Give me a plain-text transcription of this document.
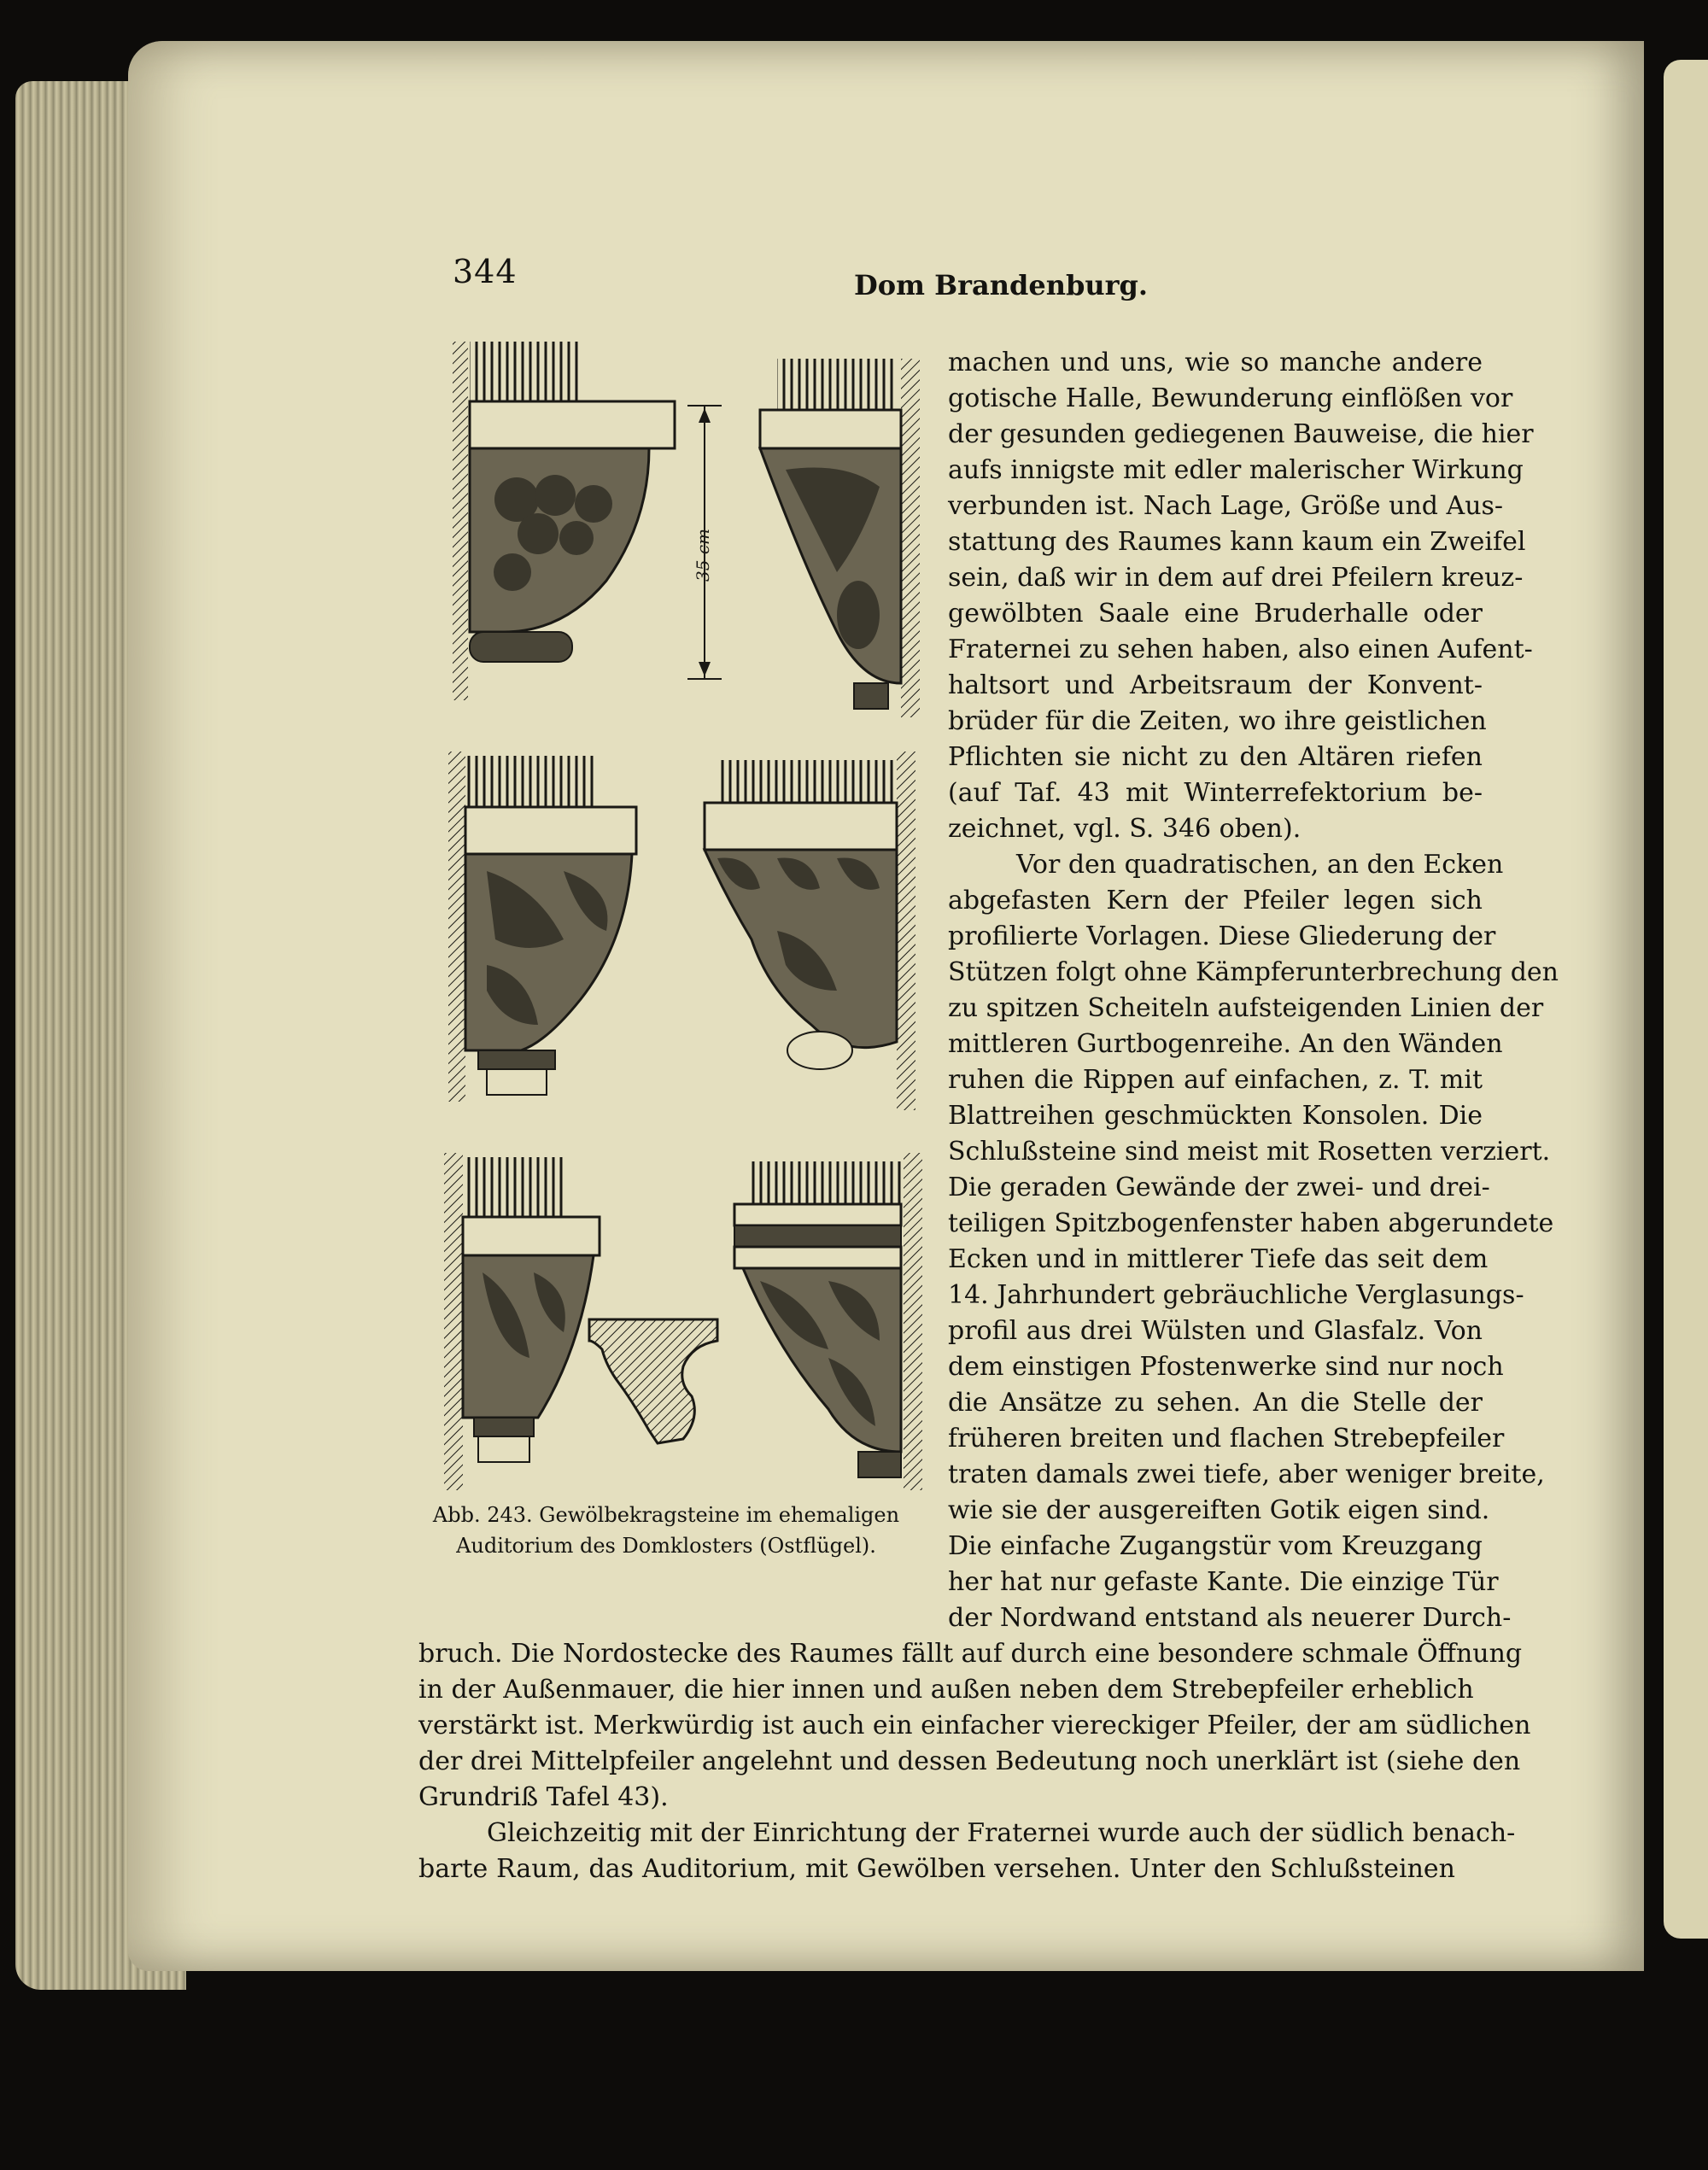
344	Dom Brandenburg.
35 cm
Abb. 243. Gewölbekragsteine im ehemaligen
Auditorium des Domklosters (Ostflügel).
machen und uns, wie so manche andere
gotische Halle, Bewunderung einflößen vor
der gesunden gediegenen Bauweise, die hier
aufs innigste mit edler malerischer Wirkung
verbunden ist. Nach Lage, Größe und Aus-
stattung des Raumes kann kaum ein Zweifel
sein, daß wir in dem auf drei Pfeilern kreuz-
gewölbten Saale eine Bruderhalle oder
Fraternei zu sehen haben, also einen Aufent-
haltsort und Arbeitsraum der Konvent-
brüder für die Zeiten, wo ihre geistlichen
Pflichten sie nicht zu den Altären riefen
(auf Taf. 43 mit Winterrefektorium be-
zeichnet, vgl. S. 346 oben).
Vor den quadratischen, an den Ecken
abgefasten Kern der Pfeiler legen sich
profilierte Vorlagen. Diese Gliederung der
Stützen folgt ohne Kämpferunterbrechung den
zu spitzen Scheiteln aufsteigenden Linien der
mittleren Gurtbogenreihe. An den Wänden
ruhen die Rippen auf einfachen, z. T. mit
Blattreihen geschmückten Konsolen. Die
Schlußsteine sind meist mit Rosetten verziert.
Die geraden Gewände der zwei- und drei-
teiligen Spitzbogenfenster haben abgerundete
Ecken und in mittlerer Tiefe das seit dem
14. Jahrhundert gebräuchliche Verglasungs-
profil aus drei Wülsten und Glasfalz. Von
dem einstigen Pfostenwerke sind nur noch
die Ansätze zu sehen. An die Stelle der
früheren breiten und flachen Strebepfeiler
traten damals zwei tiefe, aber weniger breite,
wie sie der ausgereiften Gotik eigen sind.
Die einfache Zugangstür vom Kreuzgang
her hat nur gefaste Kante. Die einzige Tür
der Nordwand entstand als neuerer Durch-
bruch. Die Nordostecke des Raumes fällt auf durch eine besondere schmale Öffnung
in der Außenmauer, die hier innen und außen neben dem Strebepfeiler erheblich
verstärkt ist. Merkwürdig ist auch ein einfacher viereckiger Pfeiler, der am südlichen
der drei Mittelpfeiler angelehnt und dessen Bedeutung noch unerklärt ist (siehe den
Grundriß Tafel 43).
Gleichzeitig mit der Einrichtung der Fraternei wurde auch der südlich benach-
barte Raum, das Auditorium, mit Gewölben versehen. Unter den Schlußsteinen
